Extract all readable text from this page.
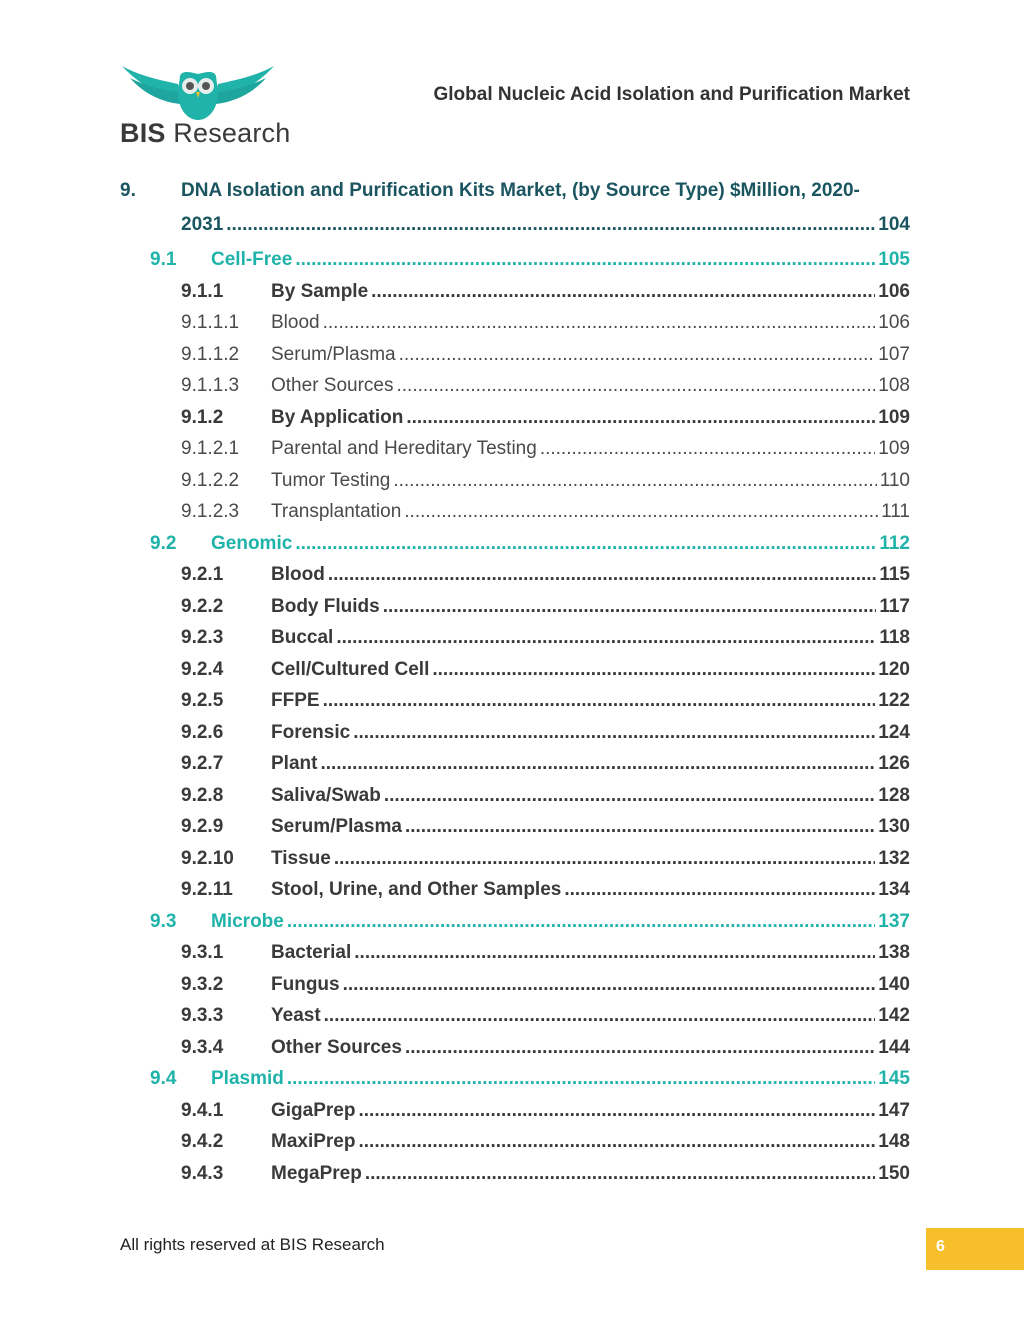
BIS Research
Global Nucleic Acid Isolation and Purification Market
9.	DNA Isolation and Purification Kits Market, (by Source Type) $Million, 2020-
2031 .....	104
9.1	Cell-Free .....	105
9.1.1	By Sample .....	106
9.1.1.1	Blood .....	106
9.1.1.2	Serum/Plasma .....	107
9.1.1.3	Other Sources .....	108
9.1.2	By Application .....	109
9.1.2.1	Parental and Hereditary Testing .....	109
9.1.2.2	Tumor Testing .....	110
9.1.2.3	Transplantation .....	111
9.2	Genomic .....	112
9.2.1	Blood .....	115
9.2.2	Body Fluids .....	117
9.2.3	Buccal .....	118
9.2.4	Cell/Cultured Cell .....	120
9.2.5	FFPE .....	122
9.2.6	Forensic .....	124
9.2.7	Plant .....	126
9.2.8	Saliva/Swab .....	128
9.2.9	Serum/Plasma .....	130
9.2.10	Tissue .....	132
9.2.11	Stool, Urine, and Other Samples .....	134
9.3	Microbe .....	137
9.3.1	Bacterial .....	138
9.3.2	Fungus .....	140
9.3.3	Yeast .....	142
9.3.4	Other Sources .....	144
9.4	Plasmid .....	145
9.4.1	GigaPrep .....	147
9.4.2	MaxiPrep .....	148
9.4.3	MegaPrep .....	150
All rights reserved at BIS Research	6
